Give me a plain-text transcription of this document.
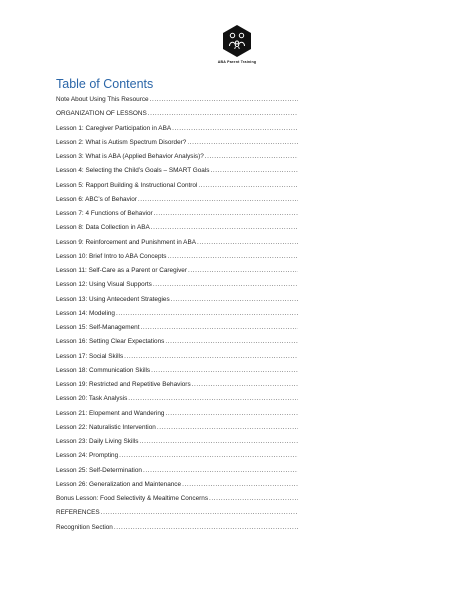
ABA Parent Training
Table of Contents
Note About Using This Resource
.....
ORGANIZATION OF LESSONS
.....
Lesson 1: Caregiver Participation in ABA
.....
Lesson 2: What is Autism Spectrum Disorder?
.....
Lesson 3: What is ABA (Applied Behavior Analysis)?
.....
Lesson 4: Selecting the Child’s Goals – SMART Goals
.....
Lesson 5: Rapport Building & Instructional Control
.....
Lesson 6: ABC’s of Behavior
.....
Lesson 7: 4 Functions of Behavior
.....
Lesson 8: Data Collection in ABA
.....
Lesson 9: Reinforcement and Punishment in ABA
.....
Lesson 10: Brief Intro to ABA Concepts
.....
Lesson 11: Self-Care as a Parent or Caregiver
.....
Lesson 12: Using Visual Supports
.....
Lesson 13: Using Antecedent Strategies
.....
Lesson 14: Modeling
.....
Lesson 15: Self-Management
.....
Lesson 16: Setting Clear Expectations
.....
Lesson 17: Social Skills
.....
Lesson 18: Communication Skills
.....
Lesson 19: Restricted and Repetitive Behaviors
.....
Lesson 20: Task Analysis
.....
Lesson 21: Elopement and Wandering
.....
Lesson 22: Naturalistic Intervention
.....
Lesson 23: Daily Living Skills
.....
Lesson 24: Prompting
.....
Lesson 25: Self-Determination
.....
Lesson 26: Generalization and Maintenance
.....
Bonus Lesson: Food Selectivity & Mealtime Concerns
.....
REFERENCES
.....
Recognition Section
.....
